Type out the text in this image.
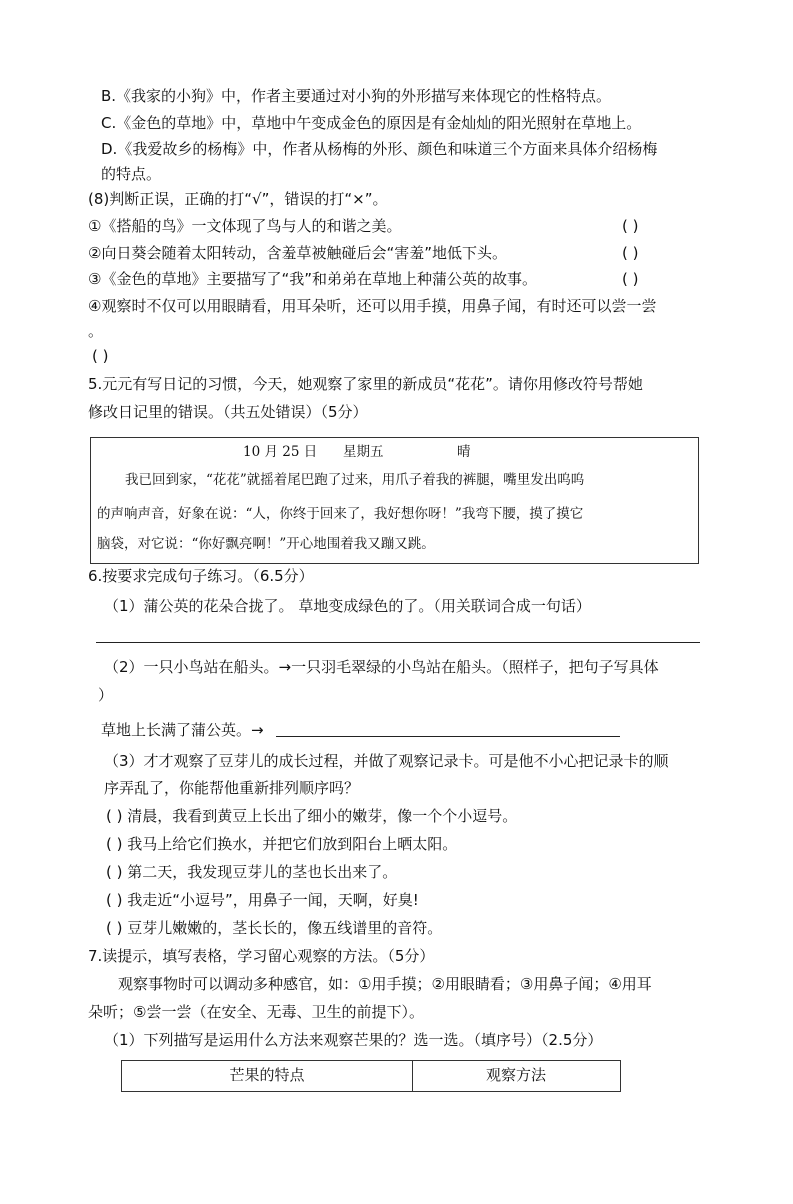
B.《我家的小狗》中，作者主要通过对小狗的外形描写来体现它的性格特点。
C.《金色的草地》中，草地中午变成金色的原因是有金灿灿的阳光照射在草地上。
D.《我爱故乡的杨梅》中，作者从杨梅的外形、颜色和味道三个方面来具体介绍杨梅
的特点。
(8)判断正误，正确的打“√”，错误的打“×”。
①《搭船的鸟》一文体现了鸟与人的和谐之美。	( )
②向日葵会随着太阳转动，含羞草被触碰后会“害羞”地低下头。	( )
③《金色的草地》主要描写了“我”和弟弟在草地上种蒲公英的故事。	( )
④观察时不仅可以用眼睛看，用耳朵听，还可以用手摸，用鼻子闻，有时还可以尝一尝
。
( )
5.元元有写日记的习惯，今天，她观察了家里的新成员“花花”。请你用修改符号帮她
修改日记里的错误。（共五处错误）（5分）
10 月 25 日 星期五	晴
我已回到家，“花花”就摇着尾巴跑了过来，用爪子着我的裤腿，嘴里发出呜呜
的声响声音，好象在说：“人，你终于回来了，我好想你呀！”我弯下腰，摸了摸它
脑袋，对它说：“你好飘亮啊！”开心地围着我又蹦又跳。
6.按要求完成句子练习。（6.5分）
（1）蒲公英的花朵合拢了。 草地变成绿色的了。（用关联词合成一句话）
（2）一只小鸟站在船头。→一只羽毛翠绿的小鸟站在船头。（照样子，把句子写具体
）
草地上长满了蒲公英。→
（3）才才观察了豆芽儿的成长过程，并做了观察记录卡。可是他不小心把记录卡的顺
序弄乱了，你能帮他重新排列顺序吗？
( ) 清晨，我看到黄豆上长出了细小的嫩芽，像一个个小逗号。
( ) 我马上给它们换水，并把它们放到阳台上晒太阳。
( ) 第二天，我发现豆芽儿的茎也长出来了。
( ) 我走近“小逗号”，用鼻子一闻，天啊，好臭!
( ) 豆芽儿嫩嫩的，茎长长的，像五线谱里的音符。
7.读提示，填写表格，学习留心观察的方法。（5分）
观察事物时可以调动多种感官，如：①用手摸；②用眼睛看；③用鼻子闻；④用耳
朵听；⑤尝一尝（在安全、无毒、卫生的前提下）。
（1）下列描写是运用什么方法来观察芒果的？选一选。（填序号）（2.5分）
芒果的特点	观察方法
